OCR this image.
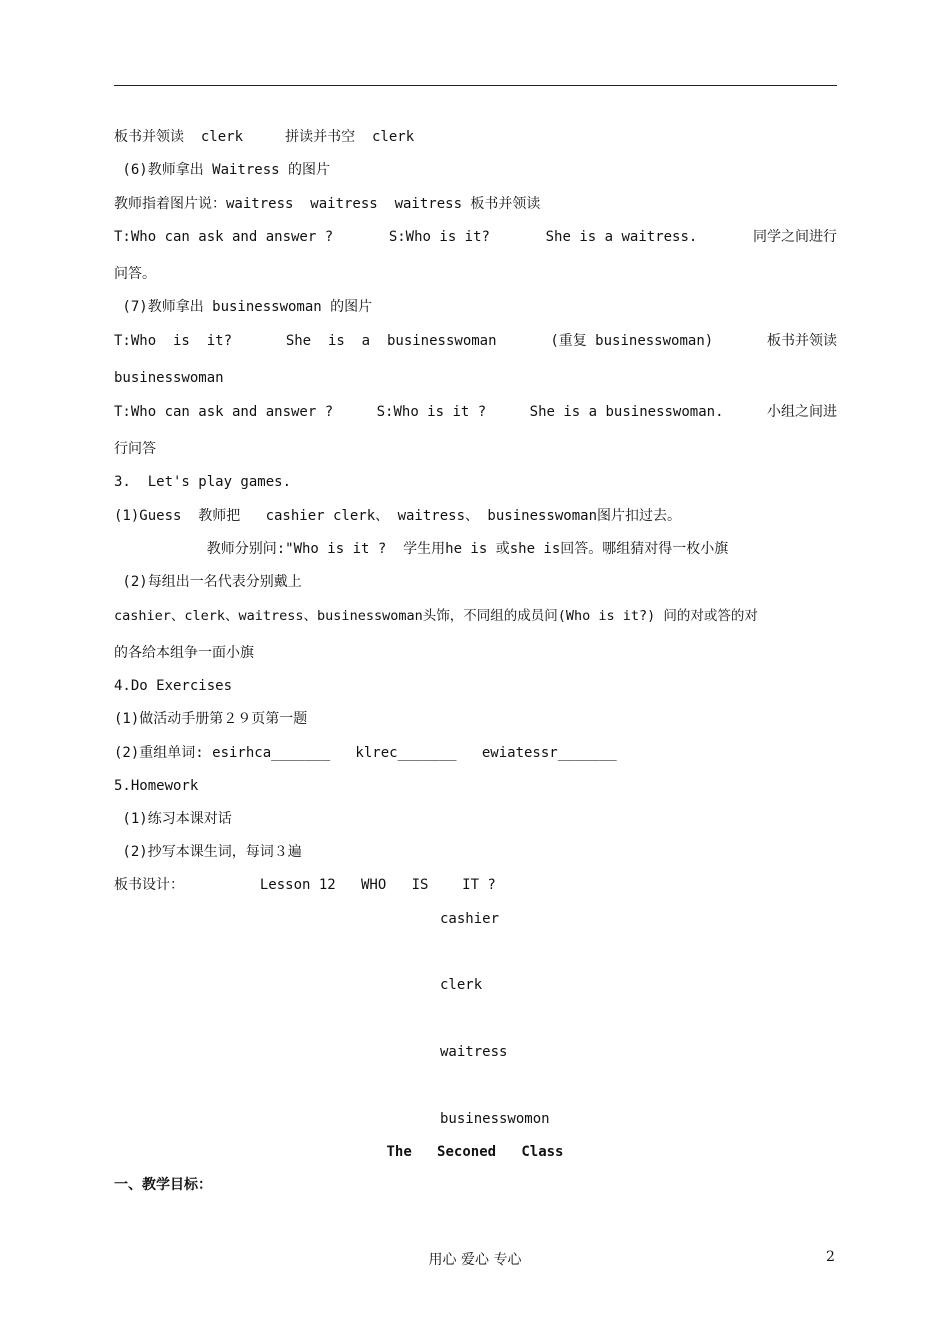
板书并领读  clerk     拼读并书空  clerk
(6)教师拿出 Waitress 的图片
教师指着图片说：waitress  waitress  waitress 板书并领读
T:Who can ask and answer ?	S:Who is it?	She is a waitress.	同学之间进行
问答。
(7)教师拿出 businesswoman 的图片
T:Who  is  it?	She  is  a  businesswoman	(重复 businesswoman)	板书并领读
businesswoman
T:Who can ask and answer ?	S:Who is it ?	She is a businesswoman.	小组之间进
行问答
3.  Let's play games.
(1)Guess  教师把   cashier clerk、 waitress、 businesswoman图片扣过去。
教师分别问:"Who is it ?  学生用he is 或she is回答。哪组猜对得一枚小旗
(2)每组出一名代表分别戴上
cashier、clerk、waitress、businesswoman头饰，不同组的成员问(Who is it?) 问的对或答的对
的各给本组争一面小旗
4.Do Exercises
(1)做活动手册第２９页第一题
(2)重组单词: esirhca_______   klrec_______   ewiatessr_______
5.Homework
(1)练习本课对话
(2)抄写本课生词，每词３遍
板书设计：         Lesson 12   WHO   IS    IT ?
cashier
clerk
waitress
businesswomon
The   Seconed   Class
一、教学目标：
用心 爱心 专心	2
